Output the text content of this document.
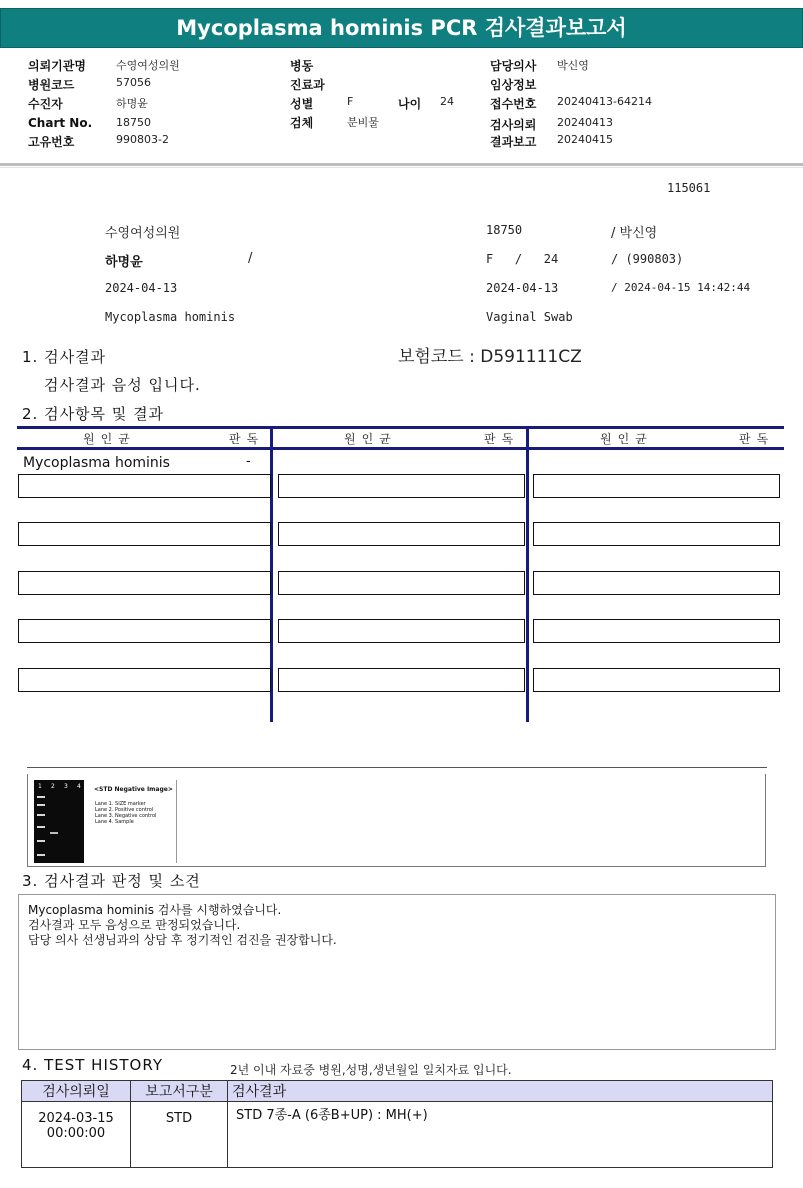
Mycoplasma hominis PCR 검사결과보고서
의뢰기관명	수영여성의원
병원코드	57056
수진자	하명윤
Chart No. 18750
고유번호	990803-2
병동
진료과
성별	F	나이 24
검체	분비물
담당의사 박신영
임상정보
접수번호 20240413-64214
검사의뢰 20240413
결과보고 20240415
115061
수영여성의원	18750	/ 박신영
하명윤	/	F   /   24	/ (990803)
2024-04-13	2024-04-13	/ 2024-04-15 14:42:44
Mycoplasma hominis	Vaginal Swab
1. 검사결과	보험코드 : D591111CZ
검사결과 음성 입니다.
2. 검사항목 및 결과
원인균	판독	원인균	판독	원인균	판독
Mycoplasma hominis	-
1 2 3 4 <STD Negative Image>
Lane 1. SIZE marker
Lane 2. Positive control
Lane 3. Negative control
Lane 4. Sample
3. 검사결과 판정 및 소견
Mycoplasma hominis 검사를 시행하였습니다.
검사결과 모두 음성으로 판정되었습니다.
담당 의사 선생님과의 상담 후 정기적인 검진을 권장합니다.
4. TEST HISTORY	2년 이내 자료중 병원,성명,생년월일 일치자료 입니다.
검사의뢰일	보고서구분	검사결과

2024-03-15
00:00:00	STD	STD 7종-A (6종B+UP) : MH(+)
